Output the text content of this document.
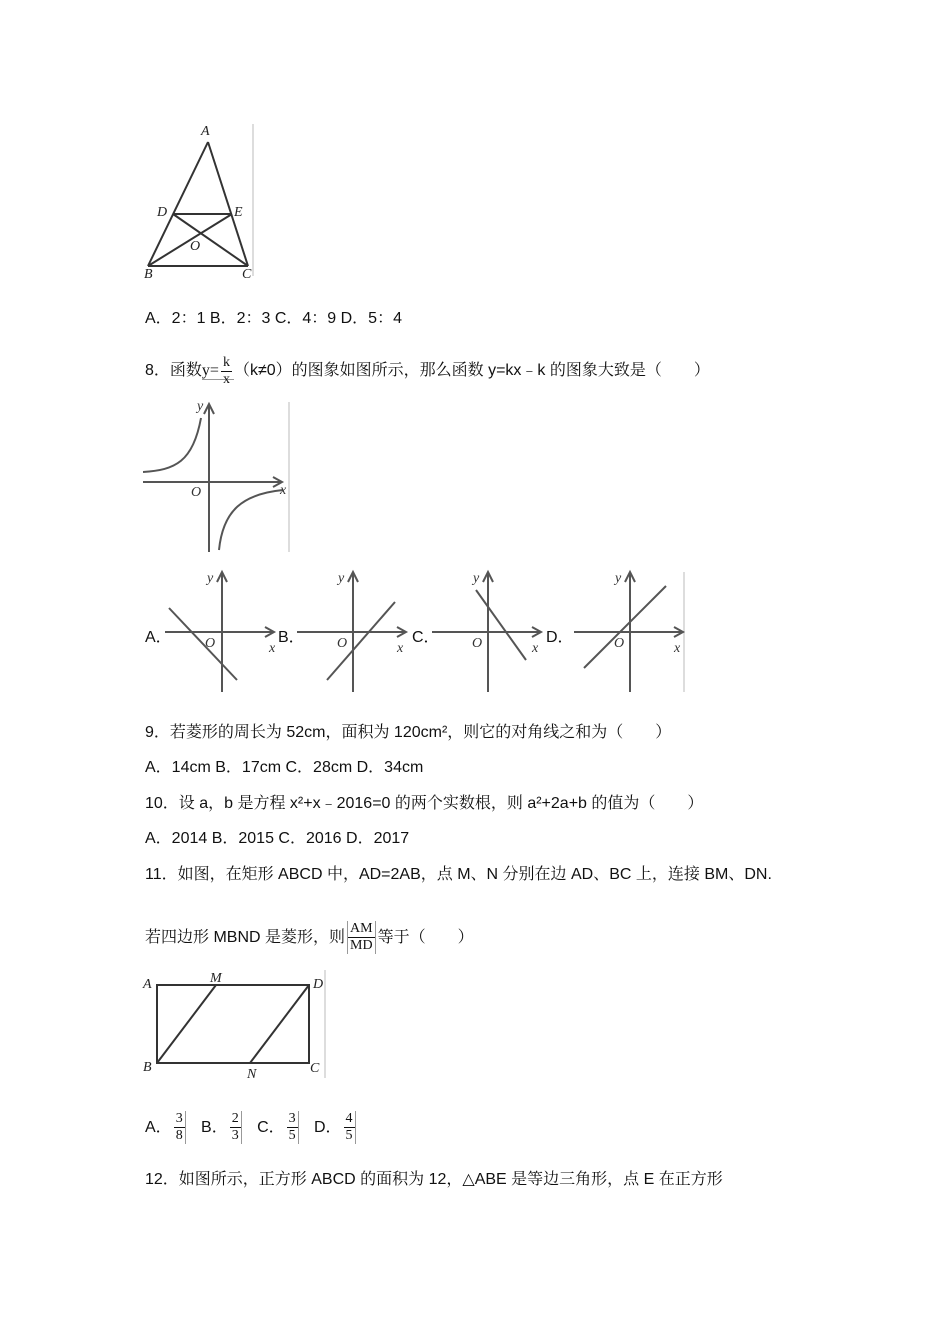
A
D	E
O
B	C
A．2：1 B．2：3 C．4：9 D．5：4
8．函数$y= \frac{k}{x} (k\ne 0)$的图象如图所示，那么函数 y=kx﹣k 的图象大致是（　　）
y
x
O
A．
y
x
O	B．
y
x
O	C．
y
x
O	D．
y
x
O
9．若菱形的周长为 52cm，面积为 120cm²，则它的对角线之和为（　　）
A．14cm B．17cm C．28cm D．34cm
10．设 a，b 是方程 x²+x﹣2016=0 的两个实数根，则 a²+2a+b 的值为（　　）
A．2014 B．2015 C．2016 D．2017
11．如图，在矩形 ABCD 中，AD=2AB，点 M、N 分别在边 AD、BC 上，连接 BM、DN.
若四边形 MBND 是菱形，则 $\frac{AM}{MD}$ 等于（　　）
A	M	D
B	N	C
A． $\frac{3}{8}$ B． $\frac{2}{3}$ C． $\frac{3}{5}$ D． $\frac{4}{5}$
12．如图所示，正方形 ABCD 的面积为 12，△ABE 是等边三角形，点 E 在正方形
